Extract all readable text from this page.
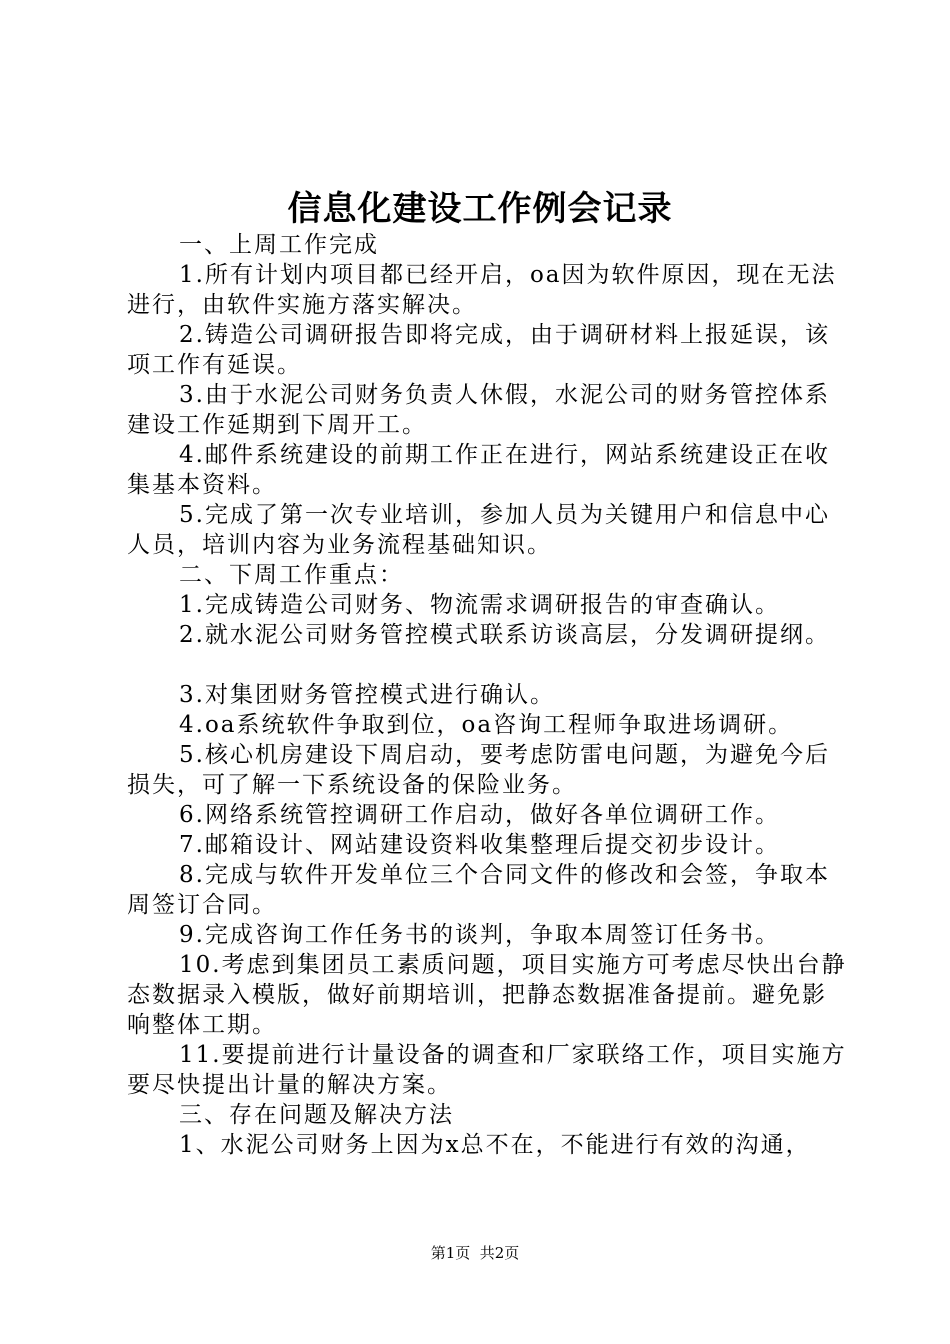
信息化建设工作例会记录

一、上周工作完成

1.所有计划内项目都已经开启，oa因为软件原因，现在无法进行，由软件实施方落实解决。

2.铸造公司调研报告即将完成，由于调研材料上报延误，该项工作有延误。

3.由于水泥公司财务负责人休假，水泥公司的财务管控体系建设工作延期到下周开工。

4.邮件系统建设的前期工作正在进行，网站系统建设正在收集基本资料。

5.完成了第一次专业培训，参加人员为关键用户和信息中心人员，培训内容为业务流程基础知识。

二、下周工作重点：

1.完成铸造公司财务、物流需求调研报告的审查确认。

2.就水泥公司财务管控模式联系访谈高层，分发调研提纲。

3.对集团财务管控模式进行确认。

4.oa系统软件争取到位，oa咨询工程师争取进场调研。

5.核心机房建设下周启动，要考虑防雷电问题，为避免今后损失，可了解一下系统设备的保险业务。

6.网络系统管控调研工作启动，做好各单位调研工作。

7.邮箱设计、网站建设资料收集整理后提交初步设计。

8.完成与软件开发单位三个合同文件的修改和会签，争取本周签订合同。

9.完成咨询工作任务书的谈判，争取本周签订任务书。

10.考虑到集团员工素质问题，项目实施方可考虑尽快出台静态数据录入模版，做好前期培训，把静态数据准备提前。避免影响整体工期。

11.要提前进行计量设备的调查和厂家联络工作，项目实施方要尽快提出计量的解决方案。

三、存在问题及解决方法

1、水泥公司财务上因为x总不在，不能进行有效的沟通，

第1页  共2页
